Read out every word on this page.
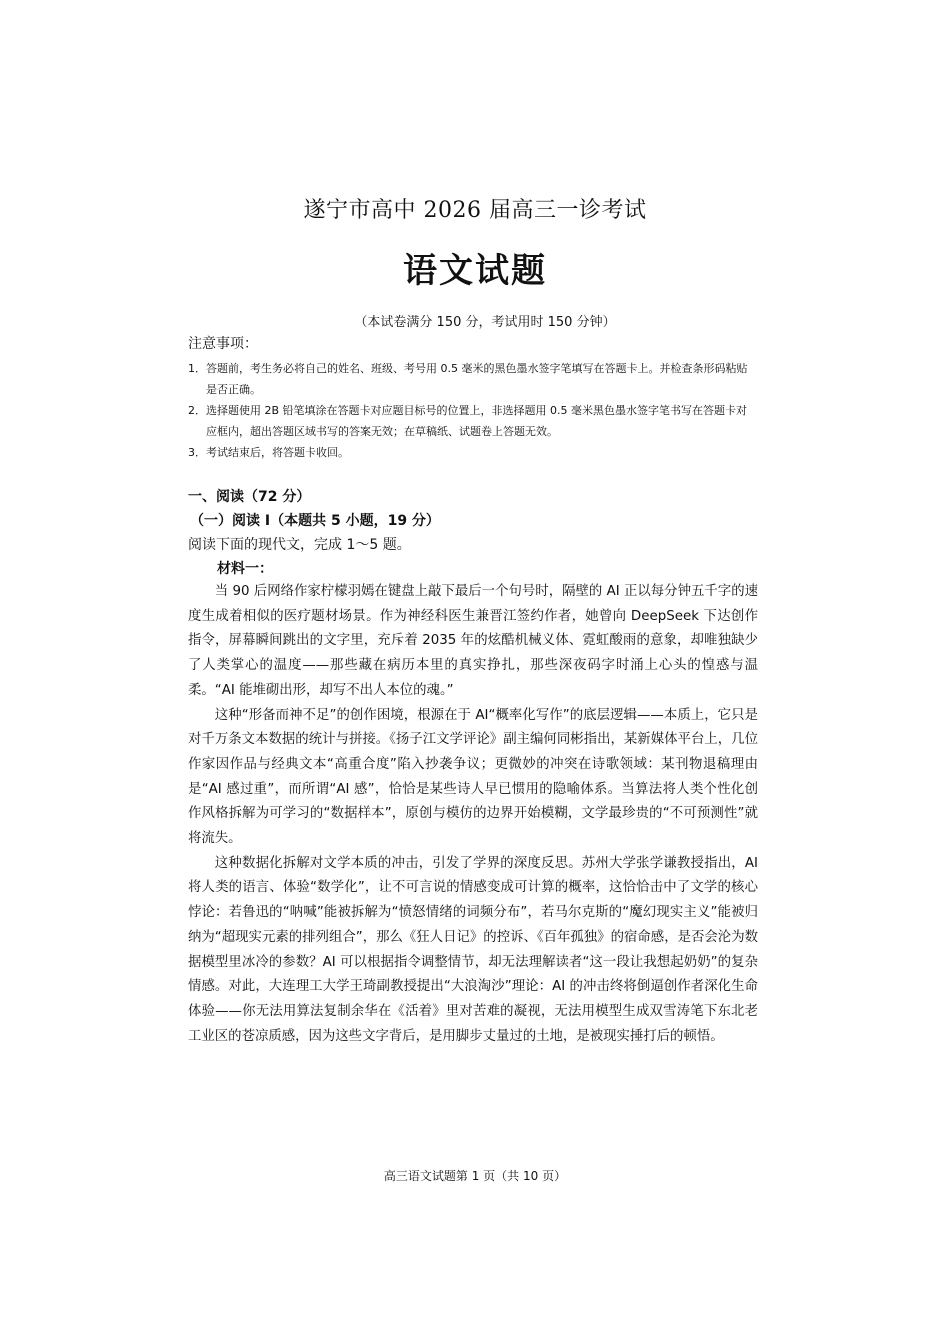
遂宁市高中 2026 届高三一诊考试
语文试题
（本试卷满分 150 分，考试用时 150 分钟）
注意事项：

1．答题前，考生务必将自己的姓名、班级、考号用 0.5 毫米的黑色墨水签字笔填写在答题卡上。并检查条形码粘贴是否正确。

2．选择题使用 2B 铅笔填涂在答题卡对应题目标号的位置上，非选择题用 0.5 毫米黑色墨水签字笔书写在答题卡对应框内，超出答题区域书写的答案无效；在草稿纸、试题卷上答题无效。

3．考试结束后，将答题卡收回。

一、阅读（72 分）
（一）阅读 I（本题共 5 小题，19 分）
阅读下面的现代文，完成 1～5 题。
材料一：

当 90 后网络作家柠檬羽嫣在键盘上敲下最后一个句号时，隔壁的 AI 正以每分钟五千字的速度生成着相似的医疗题材场景。作为神经科医生兼晋江签约作者，她曾向 DeepSeek 下达创作指令，屏幕瞬间跳出的文字里，充斥着 2035 年的炫酷机械义体、霓虹酸雨的意象，却唯独缺少了人类掌心的温度——那些藏在病历本里的真实挣扎，那些深夜码字时涌上心头的惶惑与温柔。“AI 能堆砌出形，却写不出人本位的魂。”

这种“形备而神不足”的创作困境，根源在于 AI“概率化写作”的底层逻辑——本质上，它只是对千万条文本数据的统计与拼接。《扬子江文学评论》副主编何同彬指出，某新媒体平台上，几位作家因作品与经典文本“高重合度”陷入抄袭争议；更微妙的冲突在诗歌领域：某刊物退稿理由是“AI 感过重”，而所谓“AI 感”，恰恰是某些诗人早已惯用的隐喻体系。当算法将人类个性化创作风格拆解为可学习的“数据样本”，原创与模仿的边界开始模糊，文学最珍贵的“不可预测性”就将流失。

这种数据化拆解对文学本质的冲击，引发了学界的深度反思。苏州大学张学谦教授指出，AI 将人类的语言、体验“数学化”，让不可言说的情感变成可计算的概率，这恰恰击中了文学的核心悖论：若鲁迅的“呐喊”能被拆解为“愤怒情绪的词频分布”，若马尔克斯的“魔幻现实主义”能被归纳为“超现实元素的排列组合”，那么《狂人日记》的控诉、《百年孤独》的宿命感，是否会沦为数据模型里冰冷的参数？AI 可以根据指令调整情节，却无法理解读者“这一段让我想起奶奶”的复杂情感。对此，大连理工大学王琦副教授提出“大浪淘沙”理论：AI 的冲击终将倒逼创作者深化生命体验——你无法用算法复制余华在《活着》里对苦难的凝视，无法用模型生成双雪涛笔下东北老工业区的苍凉质感，因为这些文字背后，是用脚步丈量过的土地，是被现实捶打后的顿悟。

高三语文试题第 1 页（共 10 页）
